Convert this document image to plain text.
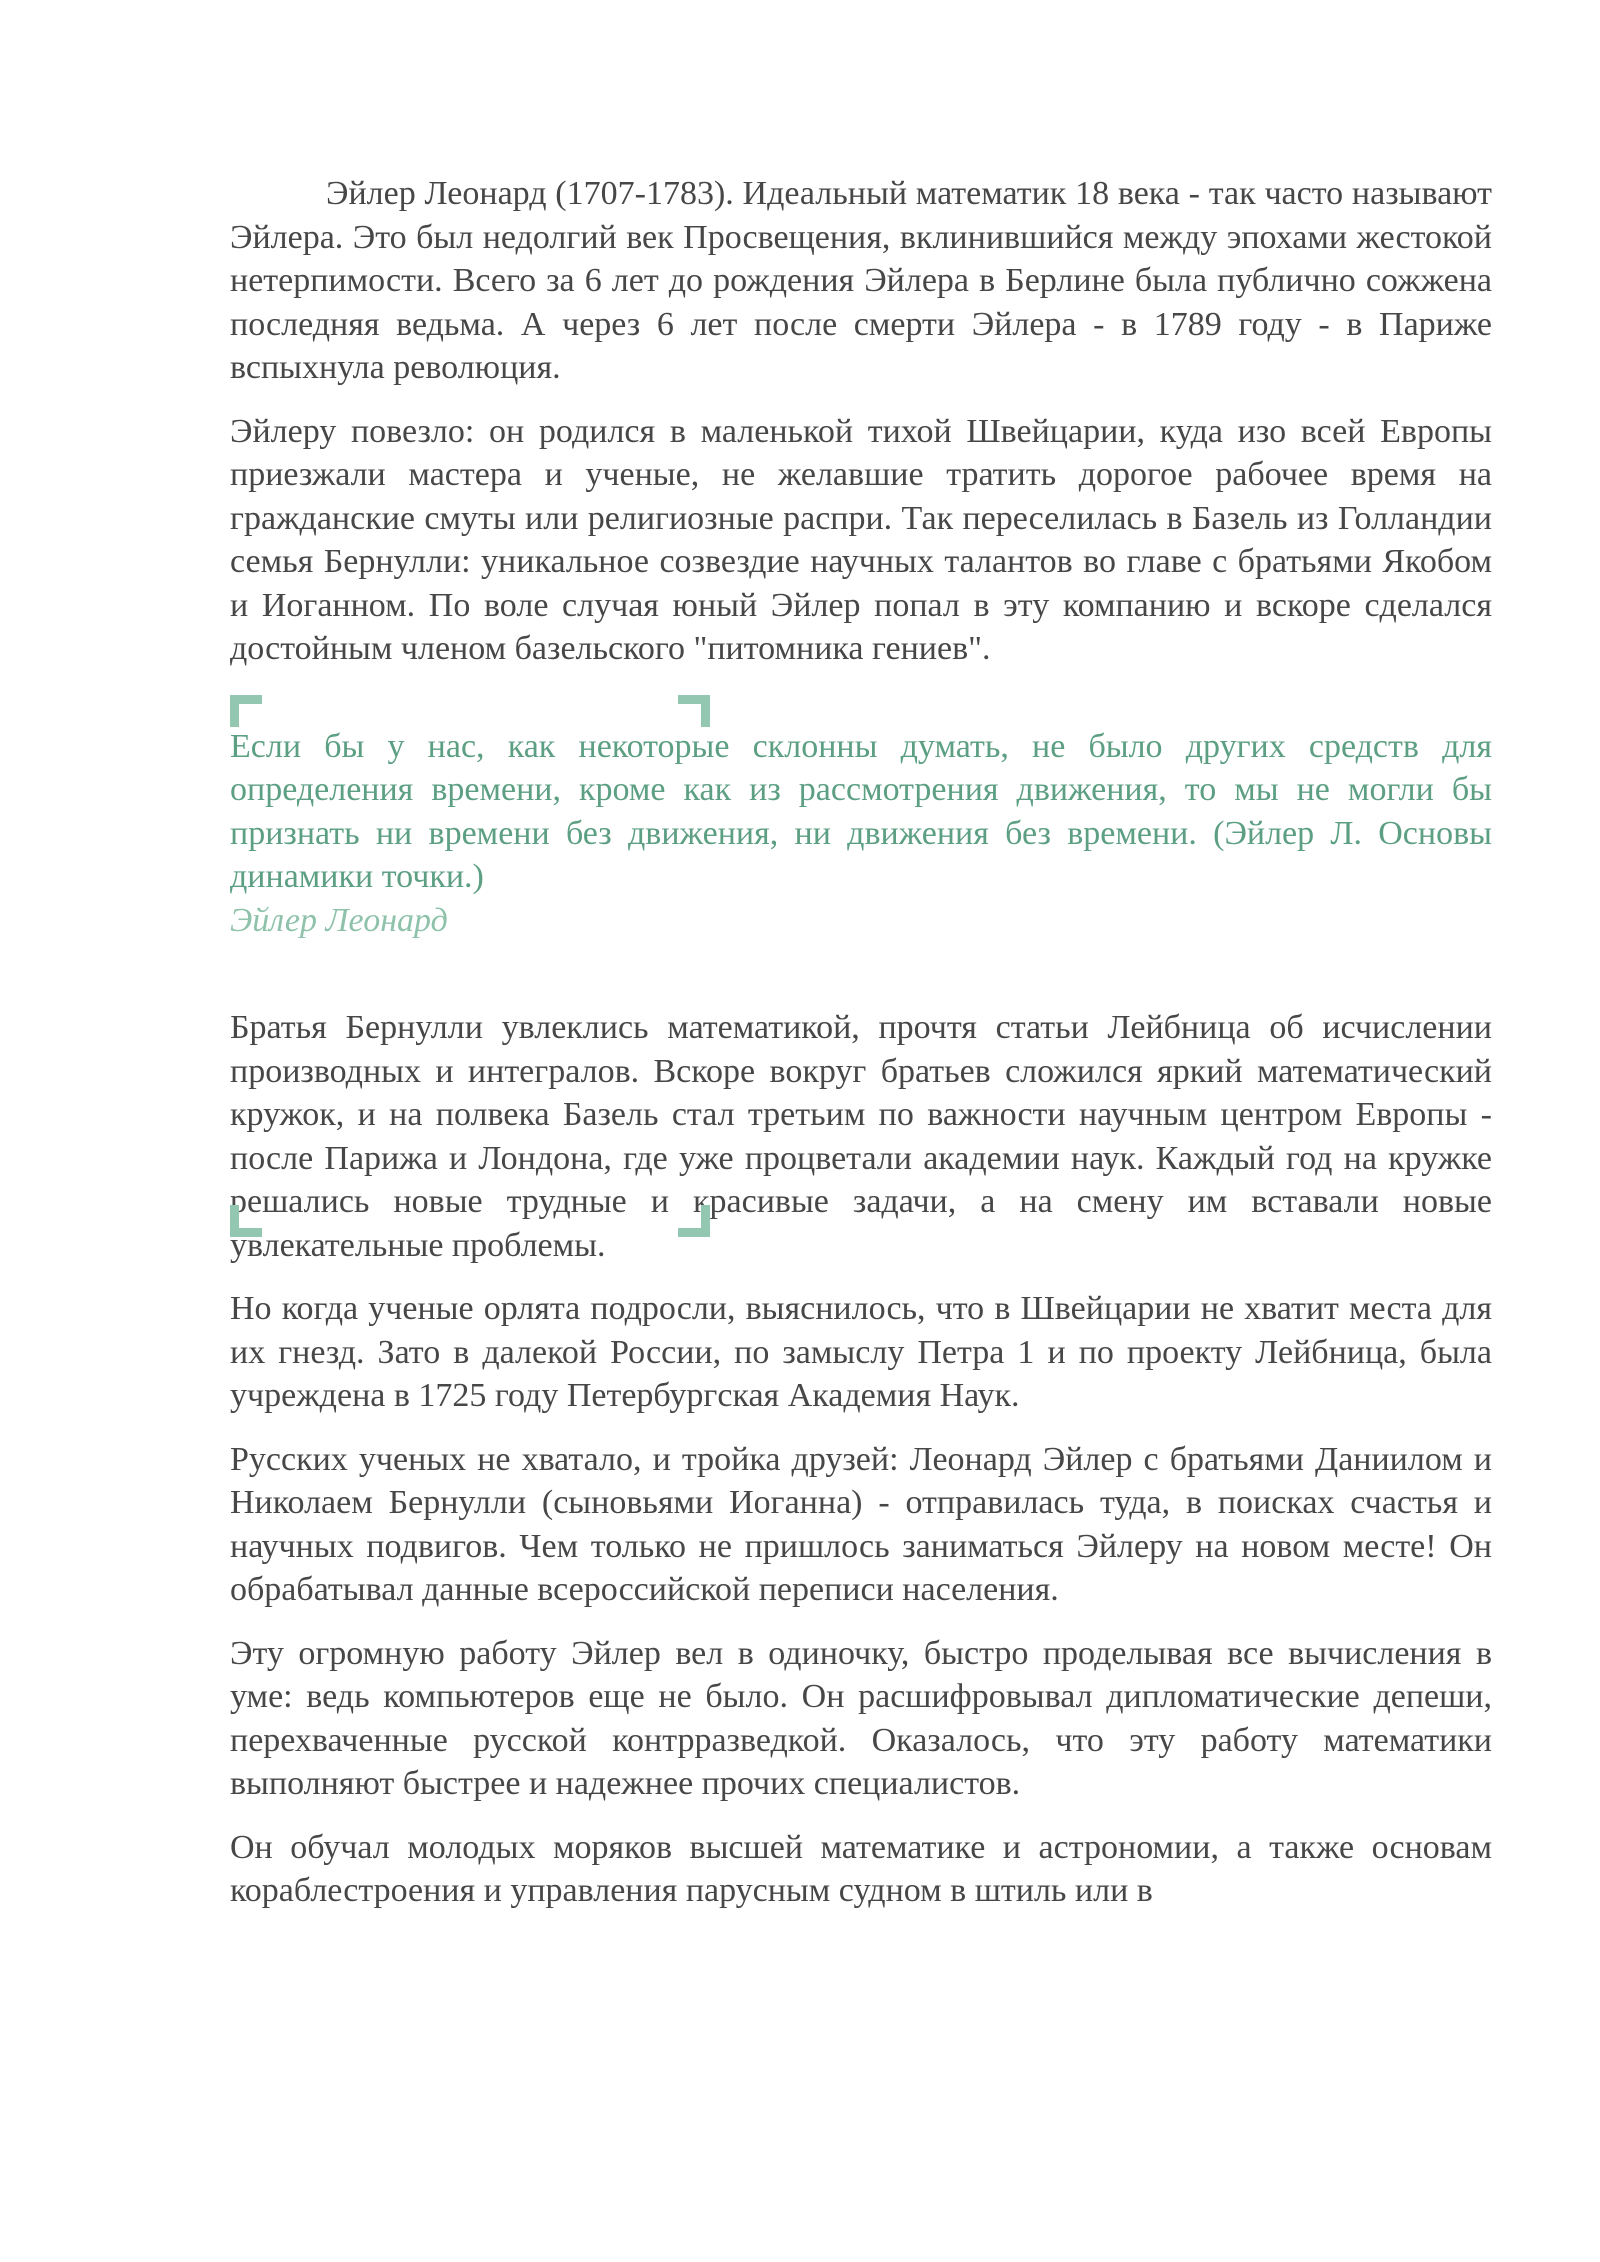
Эйлер Леонард (1707-1783). Идеальный математик 18 века - так часто называют Эйлера. Это был недолгий век Просвещения, вклинившийся между эпохами жестокой нетерпимости. Всего за 6 лет до рождения Эйлера в Берлине была публично сожжена последняя ведьма. А через 6 лет после смерти Эйлера - в 1789 году - в Париже вспыхнула революция.

Эйлеру повезло: он родился в маленькой тихой Швейцарии, куда изо всей Европы приезжали мастера и ученые, не желавшие тратить дорогое рабочее время на гражданские смуты или религиозные распри. Так переселилась в Базель из Голландии семья Бернулли: уникальное созвездие научных талантов во главе с братьями Якобом и Иоганном. По воле случая юный Эйлер попал в эту компанию и вскоре сделался достойным членом базельского "питомника гениев".

Если бы у нас, как некоторые склонны думать, не было других средств для определения времени, кроме как из рассмотрения движения, то мы не могли бы признать ни времени без движения, ни движения без времени. (Эйлер Л. Основы динамики точки.)

Эйлер Леонард

Братья Бернулли увлеклись математикой, прочтя статьи Лейбница об исчислении производных и интегралов. Вскоре вокруг братьев сложился яркий математический кружок, и на полвека Базель стал третьим по важности научным центром Европы - после Парижа и Лондона, где уже процветали академии наук. Каждый год на кружке решались новые трудные и красивые задачи, а на смену им вставали новые увлекательные проблемы.

Но когда ученые орлята подросли, выяснилось, что в Швейцарии не хватит места для их гнезд. Зато в далекой России, по замыслу Петра 1 и по проекту Лейбница, была учреждена в 1725 году Петербургская Академия Наук.

Русских ученых не хватало, и тройка друзей: Леонард Эйлер с братьями Даниилом и Николаем Бернулли (сыновьями Иоганна) - отправилась туда, в поисках счастья и научных подвигов. Чем только не пришлось заниматься Эйлеру на новом месте! Он обрабатывал данные всероссийской переписи населения.

Эту огромную работу Эйлер вел в одиночку, быстро проделывая все вычисления в уме: ведь компьютеров еще не было. Он расшифровывал дипломатические депеши, перехваченные русской контрразведкой. Оказалось, что эту работу математики выполняют быстрее и надежнее прочих специалистов.

Он обучал молодых моряков высшей математике и астрономии, а также основам кораблестроения и управления парусным судном в штиль или в
